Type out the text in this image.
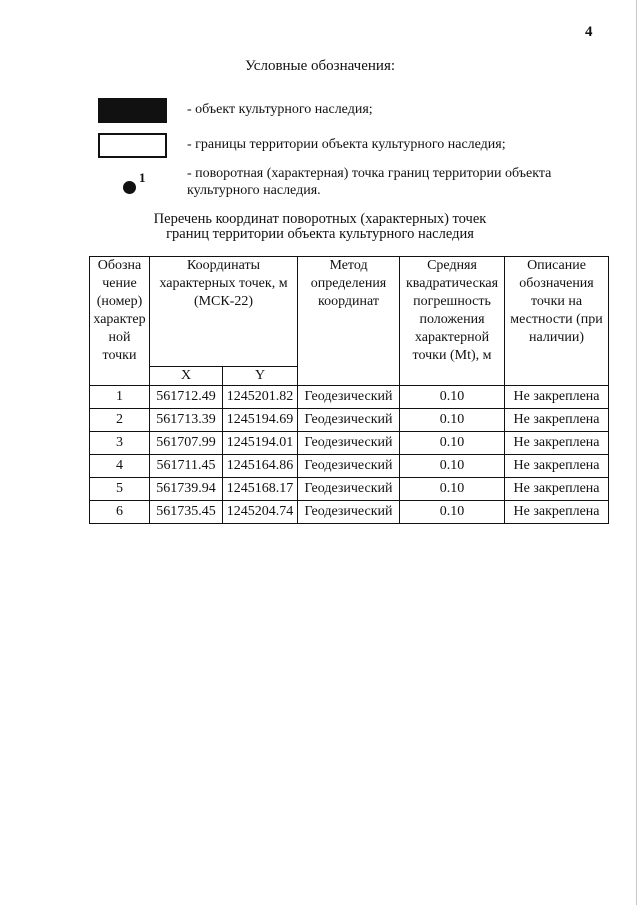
4
Условные обозначения:
- объект культурного наследия;
- границы территории объекта культурного наследия;
1	- поворотная (характерная) точка границ территории объекта культурного наследия.
Перечень координат поворотных (характерных) точек
границ территории объекта культурного наследия
Обозна чение (номер) характер ной точки	Координаты характерных точек, м (МСК-22)		Метод определения координат	Средняя квадратическая погрешность положения характерной точки (Mt), м	Описание обозначения точки на местности (при наличии)
	X	Y			
1	561712.49	1245201.82	Геодезический	0.10	Не закреплена
2	561713.39	1245194.69	Геодезический	0.10	Не закреплена
3	561707.99	1245194.01	Геодезический	0.10	Не закреплена
4	561711.45	1245164.86	Геодезический	0.10	Не закреплена
5	561739.94	1245168.17	Геодезический	0.10	Не закреплена
6	561735.45	1245204.74	Геодезический	0.10	Не закреплена
